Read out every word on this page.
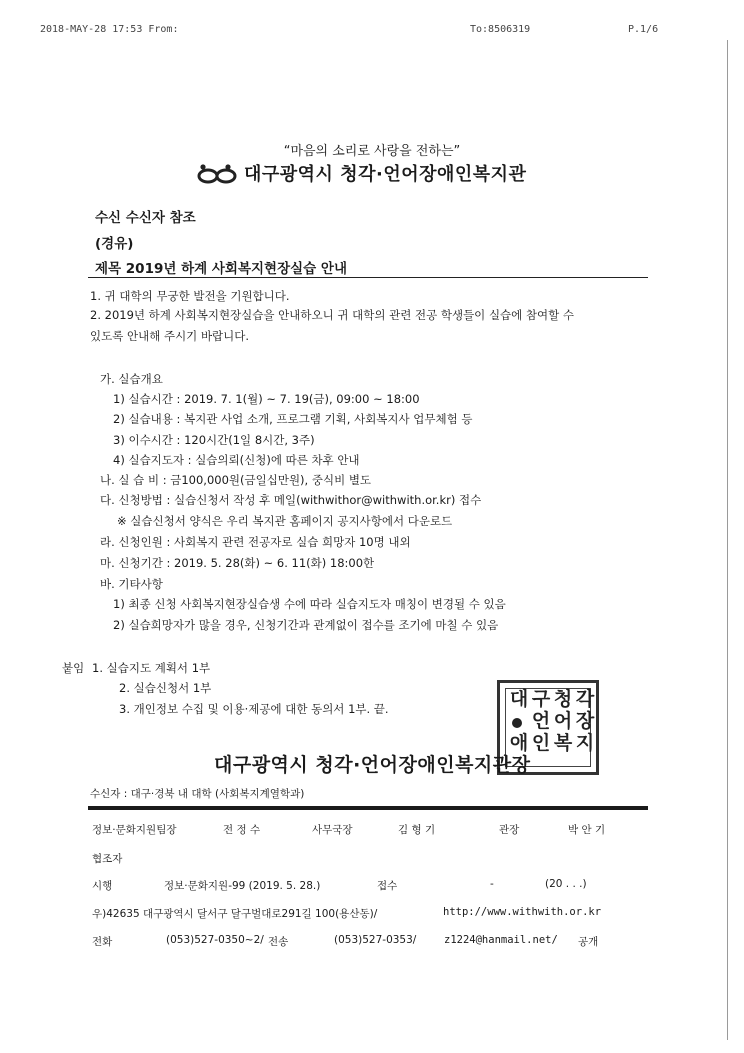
2018-MAY-28 17:53 From:	To:8506319	P.1/6
“마음의 소리로 사랑을 전하는”
대구광역시 청각·언어장애인복지관
수신 수신자 참조
(경유)
제목 2019년 하계 사회복지현장실습 안내
1. 귀 대학의 무궁한 발전을 기원합니다.
2. 2019년 하계 사회복지현장실습을 안내하오니 귀 대학의 관련 전공 학생들이 실습에 참여할 수
있도록 안내해 주시기 바랍니다.
가. 실습개요
1) 실습시간 : 2019. 7. 1(월) ~ 7. 19(금), 09:00 ~ 18:00
2) 실습내용 : 복지관 사업 소개, 프로그램 기획, 사회복지사 업무체험 등
3) 이수시간 : 120시간(1일 8시간, 3주)
4) 실습지도자 : 실습의뢰(신청)에 따른 차후 안내
나. 실 습 비 : 금100,000원(금일십만원), 중식비 별도
다. 신청방법 : 실습신청서 작성 후 메일(withwithor@withwith.or.kr) 접수
※ 실습신청서 양식은 우리 복지관 홈페이지 공지사항에서 다운로드
라. 신청인원 : 사회복지 관련 전공자로 실습 희망자 10명 내외
마. 신청기간 : 2019. 5. 28(화) ~ 6. 11(화) 18:00한
바. 기타사항
1) 최종 신청 사회복지현장실습생 수에 따라 실습지도자 매칭이 변경될 수 있음
2) 실습희망자가 많을 경우, 신청기간과 관계없이 접수를 조기에 마칠 수 있음
붙임 1. 실습지도 계획서 1부
2. 실습신청서 1부
3. 개인정보 수집 및 이용·제공에 대한 동의서 1부. 끝.	대

애
구
언
인
청
어
복
각
장
지
대구광역시 청각·언어장애인복지관장
수신자 : 대구·경북 내 대학 (사회복지계열학과)
정보·문화지원팀장	전 정 수	사무국장	김 형 기	관장	박 안 기
협조자
시행	정보·문화지원-99 (2019. 5. 28.)	접수	-	(20 . . .)
우)42635 대구광역시 달서구 달구벌대로291길 100(용산동)/	http://www.withwith.or.kr
전화	(053)527-0350~2/ 전송	(053)527-0353/	z1224@hanmail.net/ 공개
